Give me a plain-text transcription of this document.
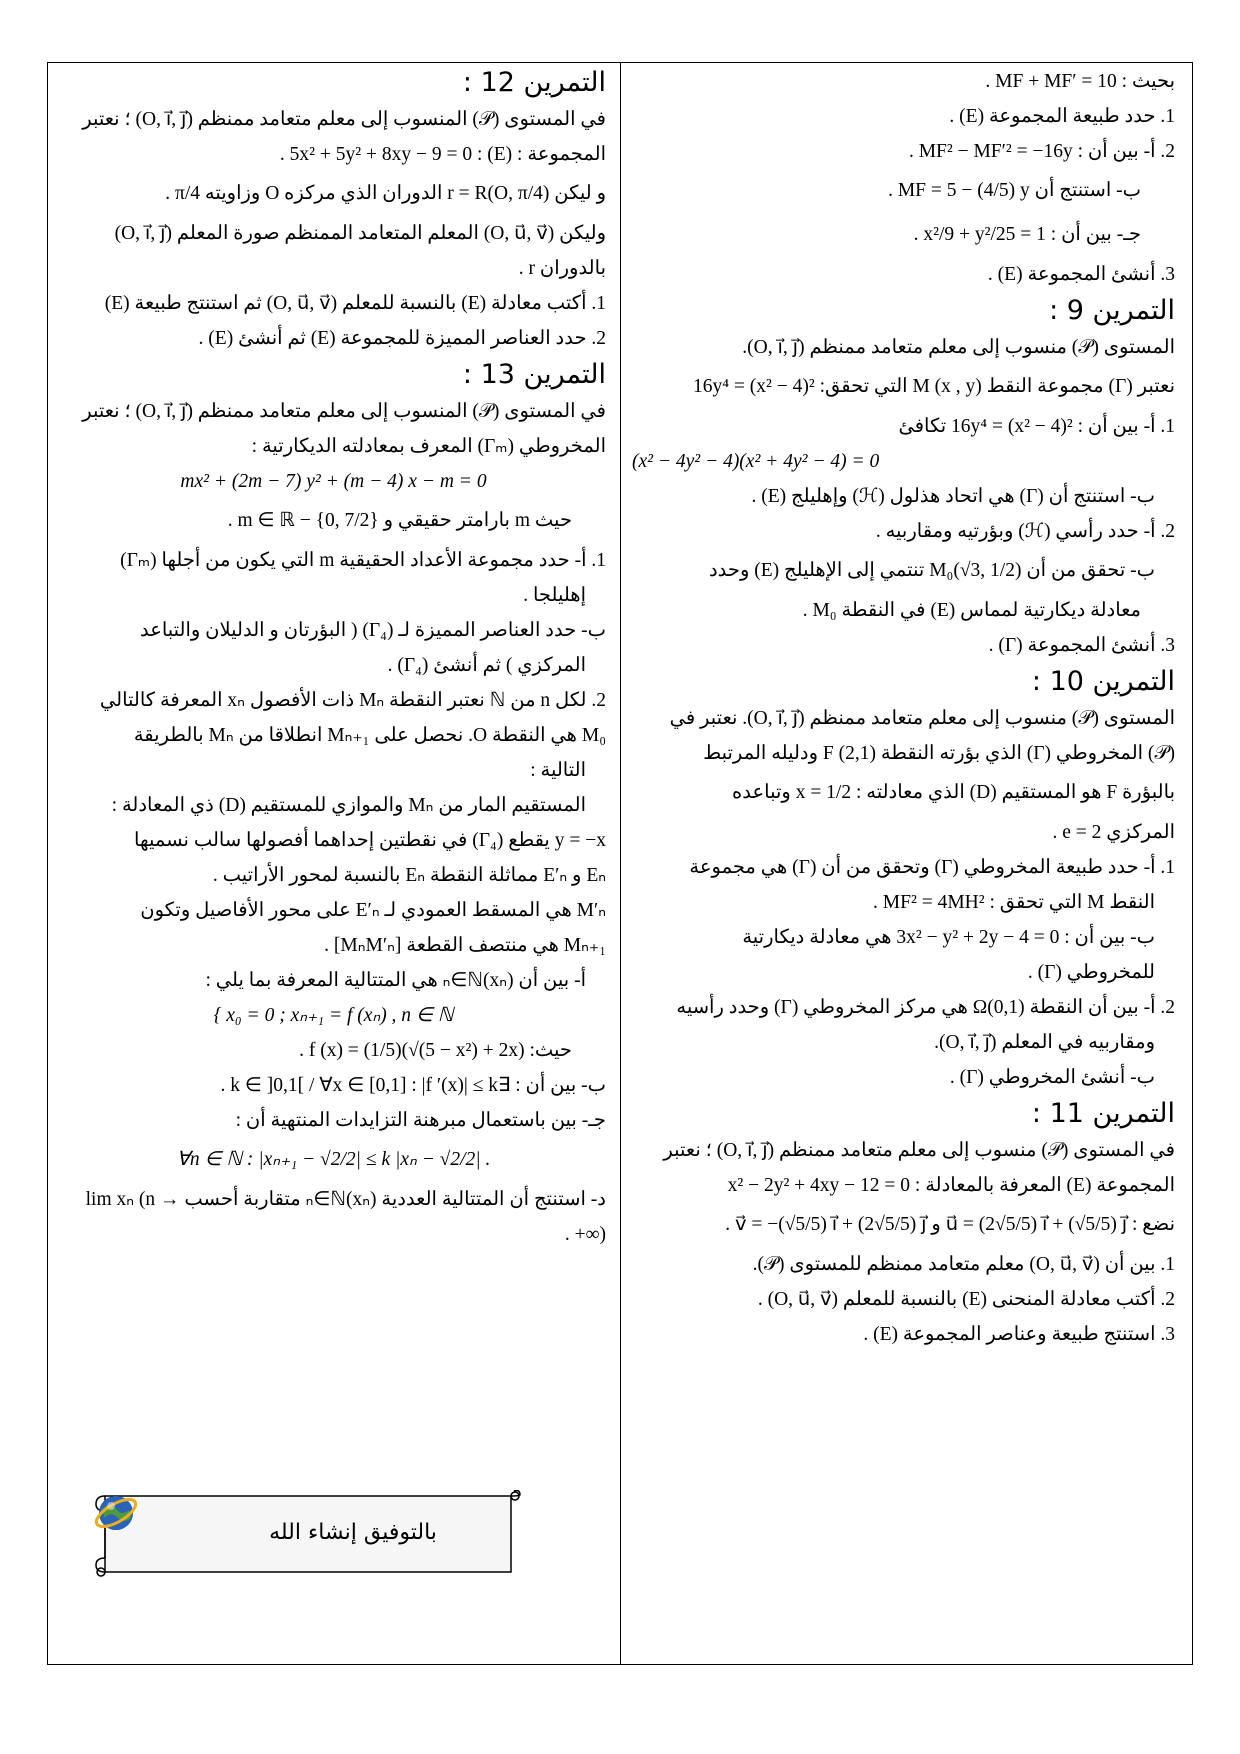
بحيث : MF + MF′ = 10 .

1. حدد طبيعة المجموعة (E) .

2. أ- بين أن : MF² − MF′² = −16y .

ب- استنتج أن MF = 5 − (4/5) y .

جـ- بين أن : x²/9 + y²/25 = 1 .

3. أنشئ المجموعة (E) .

التمرين 9 :

المستوى (𝒫) منسوب إلى معلم متعامد ممنظم (O, i⃗, j⃗).

نعتبر (Γ) مجموعة النقط M (x , y) التي تحقق: 16y⁴ = (x² − 4)²

1. أ- بين أن : 16y⁴ = (x² − 4)² تكافئ

(x² − 4y² − 4)(x² + 4y² − 4) = 0

ب- استنتج أن (Γ) هي اتحاد هذلول (ℋ) وإهليلج (E) .

2. أ- حدد رأسي (ℋ) وبؤرتيه ومقاربيه .

ب- تحقق من أن M₀(√3, 1/2) تنتمي إلى الإهليلج (E) وحدد

معادلة ديكارتية لمماس (E) في النقطة M₀ .

3. أنشئ المجموعة (Γ) .

التمرين 10 :

المستوى (𝒫) منسوب إلى معلم متعامد ممنظم (O, i⃗, j⃗). نعتبر في

(𝒫) المخروطي (Γ) الذي بؤرته النقطة F (2,1) ودليله المرتبط

بالبؤرة F هو المستقيم (D) الذي معادلته : x = 1/2 وتباعده

المركزي e = 2 .

1. أ- حدد طبيعة المخروطي (Γ) وتحقق من أن (Γ) هي مجموعة

النقط M التي تحقق : MF² = 4MH² .

ب- بين أن : 3x² − y² + 2y − 4 = 0 هي معادلة ديكارتية

للمخروطي (Γ) .

2. أ- بين أن النقطة Ω(0,1) هي مركز المخروطي (Γ) وحدد رأسيه

ومقاربيه في المعلم (O, i⃗, j⃗).

ب- أنشئ المخروطي (Γ) .

التمرين 11 :

في المستوى (𝒫) منسوب إلى معلم متعامد ممنظم (O, i⃗, j⃗) ؛ نعتبر

المجموعة (E) المعرفة بالمعادلة : x² − 2y² + 4xy − 12 = 0

نضع : u⃗ = (2√5/5) i⃗ + (√5/5) j⃗ و v⃗ = −(√5/5) i⃗ + (2√5/5) j⃗ .

1. بين أن (O, u⃗, v⃗) معلم متعامد ممنظم للمستوى (𝒫).

2. أكتب معادلة المنحنى (E) بالنسبة للمعلم (O, u⃗, v⃗) .

3. استنتج طبيعة وعناصر المجموعة (E) .

التمرين 12 :

في المستوى (𝒫) المنسوب إلى معلم متعامد ممنظم (O, i⃗, j⃗) ؛ نعتبر

المجموعة : (E) : 5x² + 5y² + 8xy − 9 = 0 .

و ليكن r = R(O, π/4) الدوران الذي مركزه O وزاويته π/4 .

وليكن (O, u⃗, v⃗) المعلم المتعامد الممنظم صورة المعلم (O, i⃗, j⃗)

بالدوران r .

1. أكتب معادلة (E) بالنسبة للمعلم (O, u⃗, v⃗) ثم استنتج طبيعة (E)

2. حدد العناصر المميزة للمجموعة (E) ثم أنشئ (E) .

التمرين 13 :

في المستوى (𝒫) المنسوب إلى معلم متعامد ممنظم (O, i⃗, j⃗) ؛ نعتبر

المخروطي (Γₘ) المعرف بمعادلته الديكارتية :

mx² + (2m − 7) y² + (m − 4) x − m = 0

حيث m بارامتر حقيقي و m ∈ ℝ − {0, 7/2} .

1. أ- حدد مجموعة الأعداد الحقيقية m التي يكون من أجلها (Γₘ)

إهليلجا .

ب- حدد العناصر المميزة لـ (Γ₄) ( البؤرتان و الدليلان والتباعد

المركزي ) ثم أنشئ (Γ₄) .

2. لكل n من ℕ نعتبر النقطة Mₙ ذات الأفصول xₙ المعرفة كالتالي

M₀ هي النقطة O. نحصل على Mₙ₊₁ انطلاقا من Mₙ بالطريقة

التالية :

المستقيم المار من Mₙ والموازي للمستقيم (D) ذي المعادلة :

y = −x يقطع (Γ₄) في نقطتين إحداهما أفصولها سالب نسميها

Eₙ و E′ₙ مماثلة النقطة Eₙ بالنسبة لمحور الأراتيب .

M′ₙ هي المسقط العمودي لـ E′ₙ على محور الأفاصيل وتكون

Mₙ₊₁ هي منتصف القطعة [MₙM′ₙ] .

أ- بين أن (xₙ)ₙ∈ℕ هي المتتالية المعرفة بما يلي :

{ x₀ = 0 ; xₙ₊₁ = f (xₙ) , n ∈ ℕ

حيث: f (x) = (1/5)(√(5 − x²) + 2x) .

ب- بين أن : ∃k ∈ ]0,1[ / ∀x ∈ [0,1] : |f ′(x)| ≤ k .

جـ- بين باستعمال مبرهنة التزايدات المنتهية أن :

∀n ∈ ℕ : |xₙ₊₁ − √2/2| ≤ k |xₙ − √2/2| .

د- استنتج أن المتتالية العددية (xₙ)ₙ∈ℕ متقاربة أحسب lim xₙ (n → +∞) .

بالتوفيق إنشاء الله
